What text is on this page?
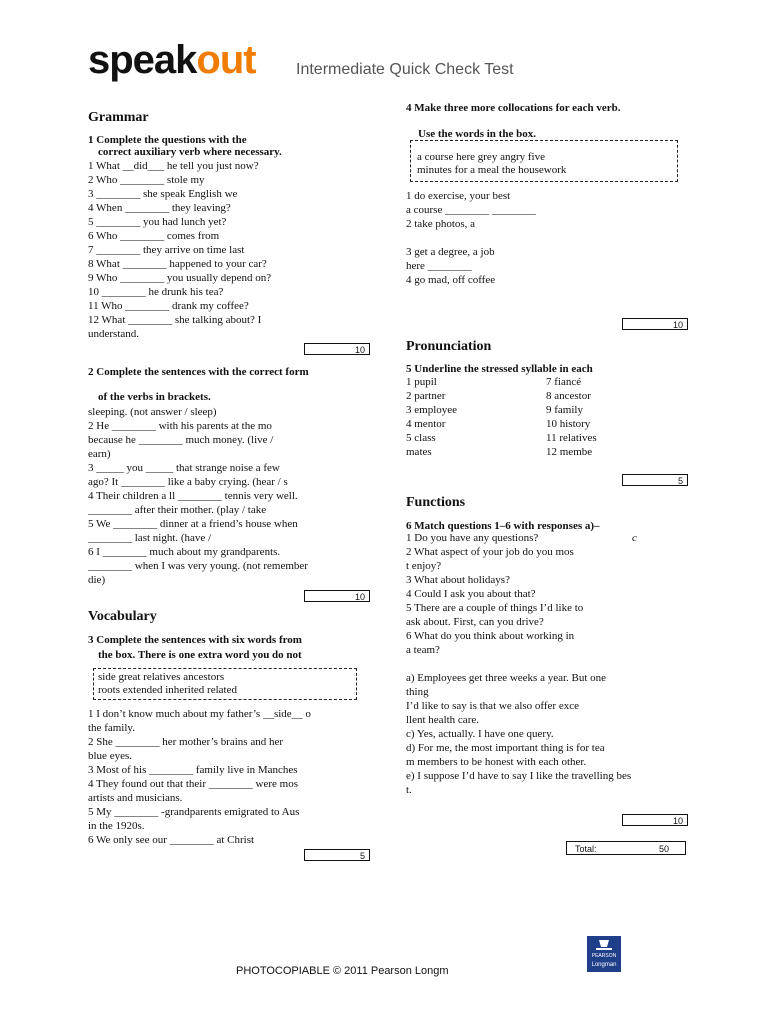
speakout	Intermediate Quick Check Test
Grammar
1 Complete the questions with the
correct auxiliary verb where necessary.
1 What __did___ he tell you just now?
2 Who ________ stole my
3 ________ she speak English we
4 When ________ they leaving?
5 ________ you had lunch yet?
6 Who ________ comes from
7 ________ they arrive on time last
8 What ________ happened to your car?
9 Who ________ you usually depend on?
10 ________ he drunk his tea?
11 Who ________ drank my coffee?
12 What ________ she talking about? I
understand.
10
2 Complete the sentences with the correct form
of the verbs in brackets.
sleeping. (not answer / sleep)
2 He ________ with his parents at the mo
because he ________ much money. (live /
earn)
3 _____ you _____ that strange noise a few
ago? It ________ like a baby crying. (hear / s
4 Their children a ll ________ tennis very well.
________ after their mother. (play / take
5 We ________ dinner at a friend’s house when
________ last night. (have /
6 I ________ much about my grandparents.
________ when I was very young. (not remember
die)
10
Vocabulary
3 Complete the sentences with six words from
the box. There is one extra word you do not
side great relatives ancestors
roots extended inherited related
1 I don’t know much about my father’s __side__ o
the family.
2 She ________ her mother’s brains and her
blue eyes.
3 Most of his ________ family live in Manches
4 They found out that their ________ were mos
artists and musicians.
5 My ________ -grandparents emigrated to Aus
in the 1920s.
6 We only see our ________ at Christ
5
4 Make three more collocations for each verb.
Use the words in the box.
a course here grey angry five
minutes for a meal the housework
1 do exercise, your best
a course ________ ________
2 take photos, a
3 get a degree, a job
here ________
4 go mad, off coffee
10
Pronunciation
5 Underline the stressed syllable in each
1 pupil
2 partner
3 employee
4 mentor
5 class
mates
7 fiancé
8 ancestor
9 family
10 history
11 relatives
12 membe
5
Functions
6 Match questions 1–6 with responses a)–
1 Do you have any questions?
2 What aspect of your job do you mos
t enjoy?
3 What about holidays?
4 Could I ask you about that?
5 There are a couple of things I’d like to
ask about. First, can you drive?
6 What do you think about working in
a team?
c
a) Employees get three weeks a year. But one
thing
I’d like to say is that we also offer exce
llent health care.
c) Yes, actually. I have one query.
d) For me, the most important thing is for tea
m members to be honest with each other.
e) I suppose I’d have to say I like the travelling bes
t.
10
Total:	50
PHOTOCOPIABLE © 2011 Pearson Longm
PEARSON
Longman
